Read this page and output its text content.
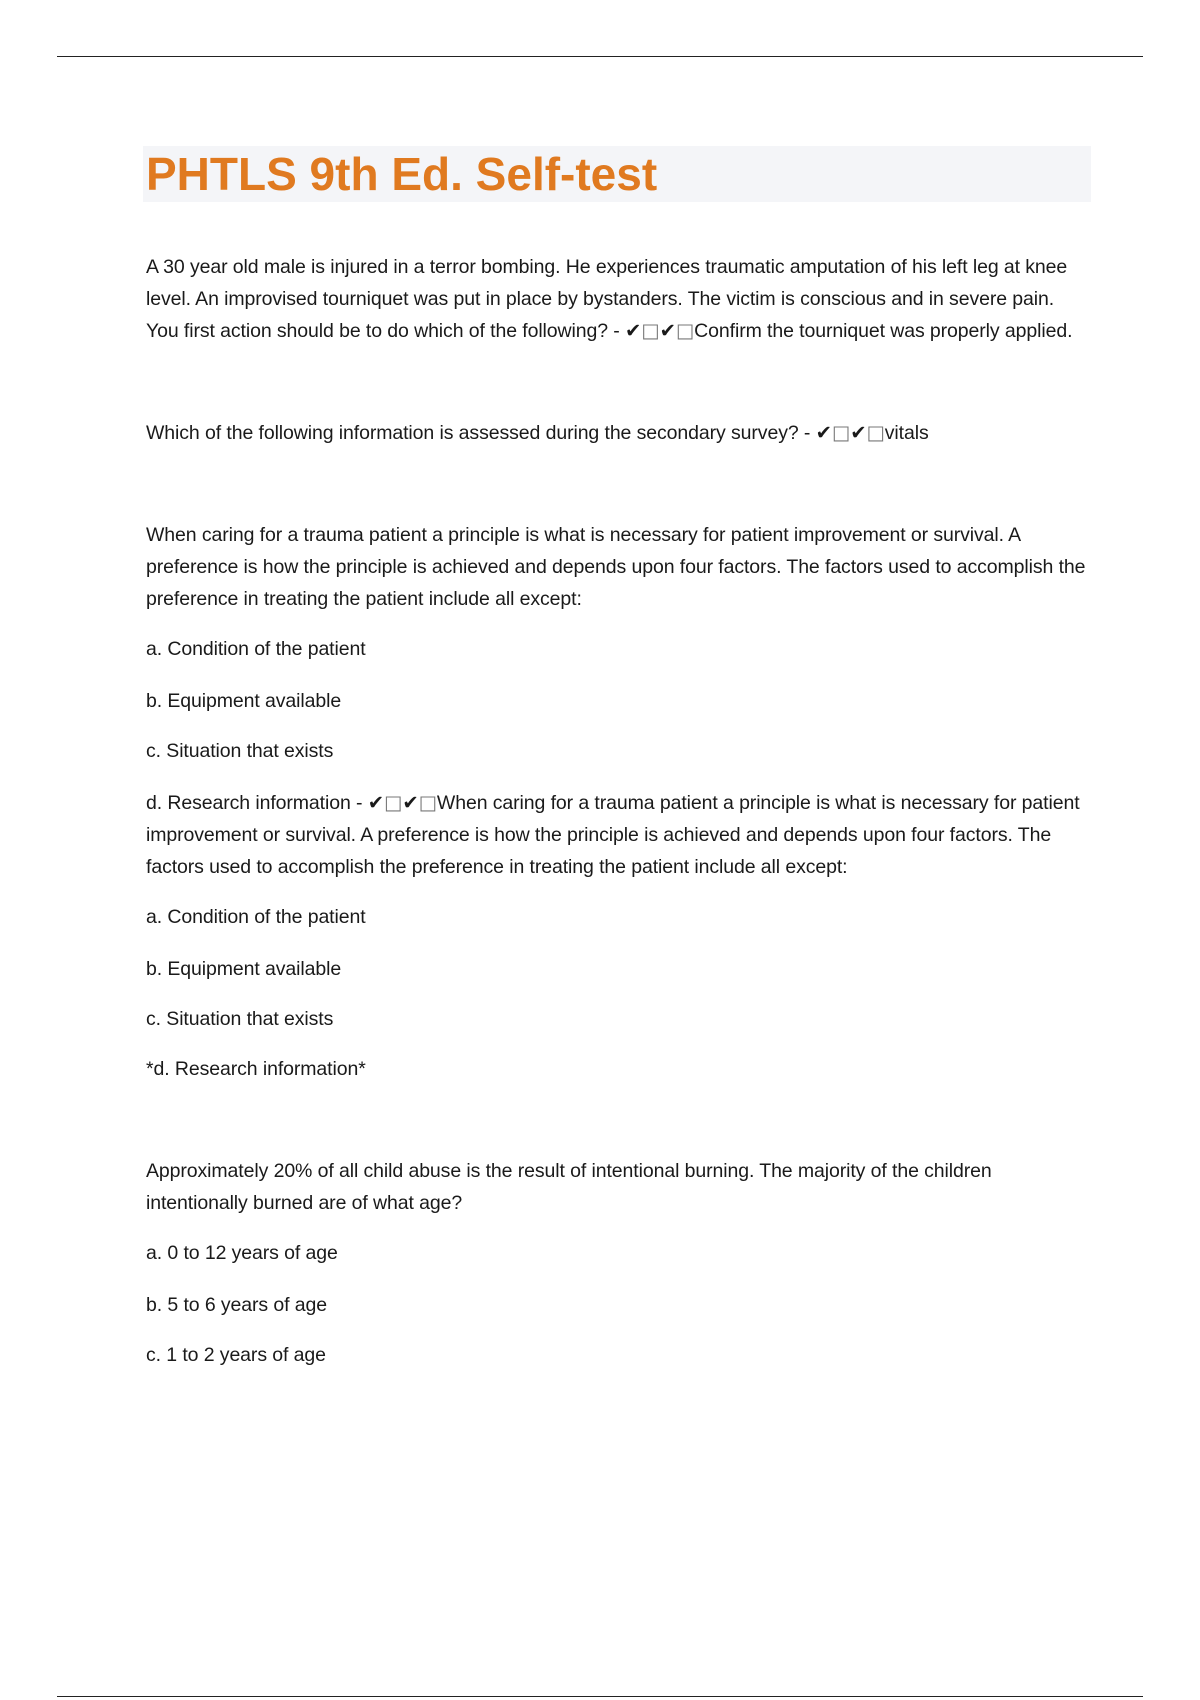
PHTLS 9th Ed. Self-test

A 30 year old male is injured in a terror bombing. He experiences traumatic amputation of his left leg at knee level. An improvised tourniquet was put in place by bystanders. The victim is conscious and in severe pain. You first action should be to do which of the following? - ✔□✔□Confirm the tourniquet was properly applied.

Which of the following information is assessed during the secondary survey? - ✔□✔□vitals

When caring for a trauma patient a principle is what is necessary for patient improvement or survival. A preference is how the principle is achieved and depends upon four factors. The factors used to accomplish the preference in treating the patient include all except:

a. Condition of the patient

b. Equipment available

c. Situation that exists

d. Research information - ✔□✔□When caring for a trauma patient a principle is what is necessary for patient improvement or survival. A preference is how the principle is achieved and depends upon four factors. The factors used to accomplish the preference in treating the patient include all except:

a. Condition of the patient

b. Equipment available

c. Situation that exists

*d. Research information*

Approximately 20% of all child abuse is the result of intentional burning. The majority of the children intentionally burned are of what age?

a. 0 to 12 years of age

b. 5 to 6 years of age

c. 1 to 2 years of age
